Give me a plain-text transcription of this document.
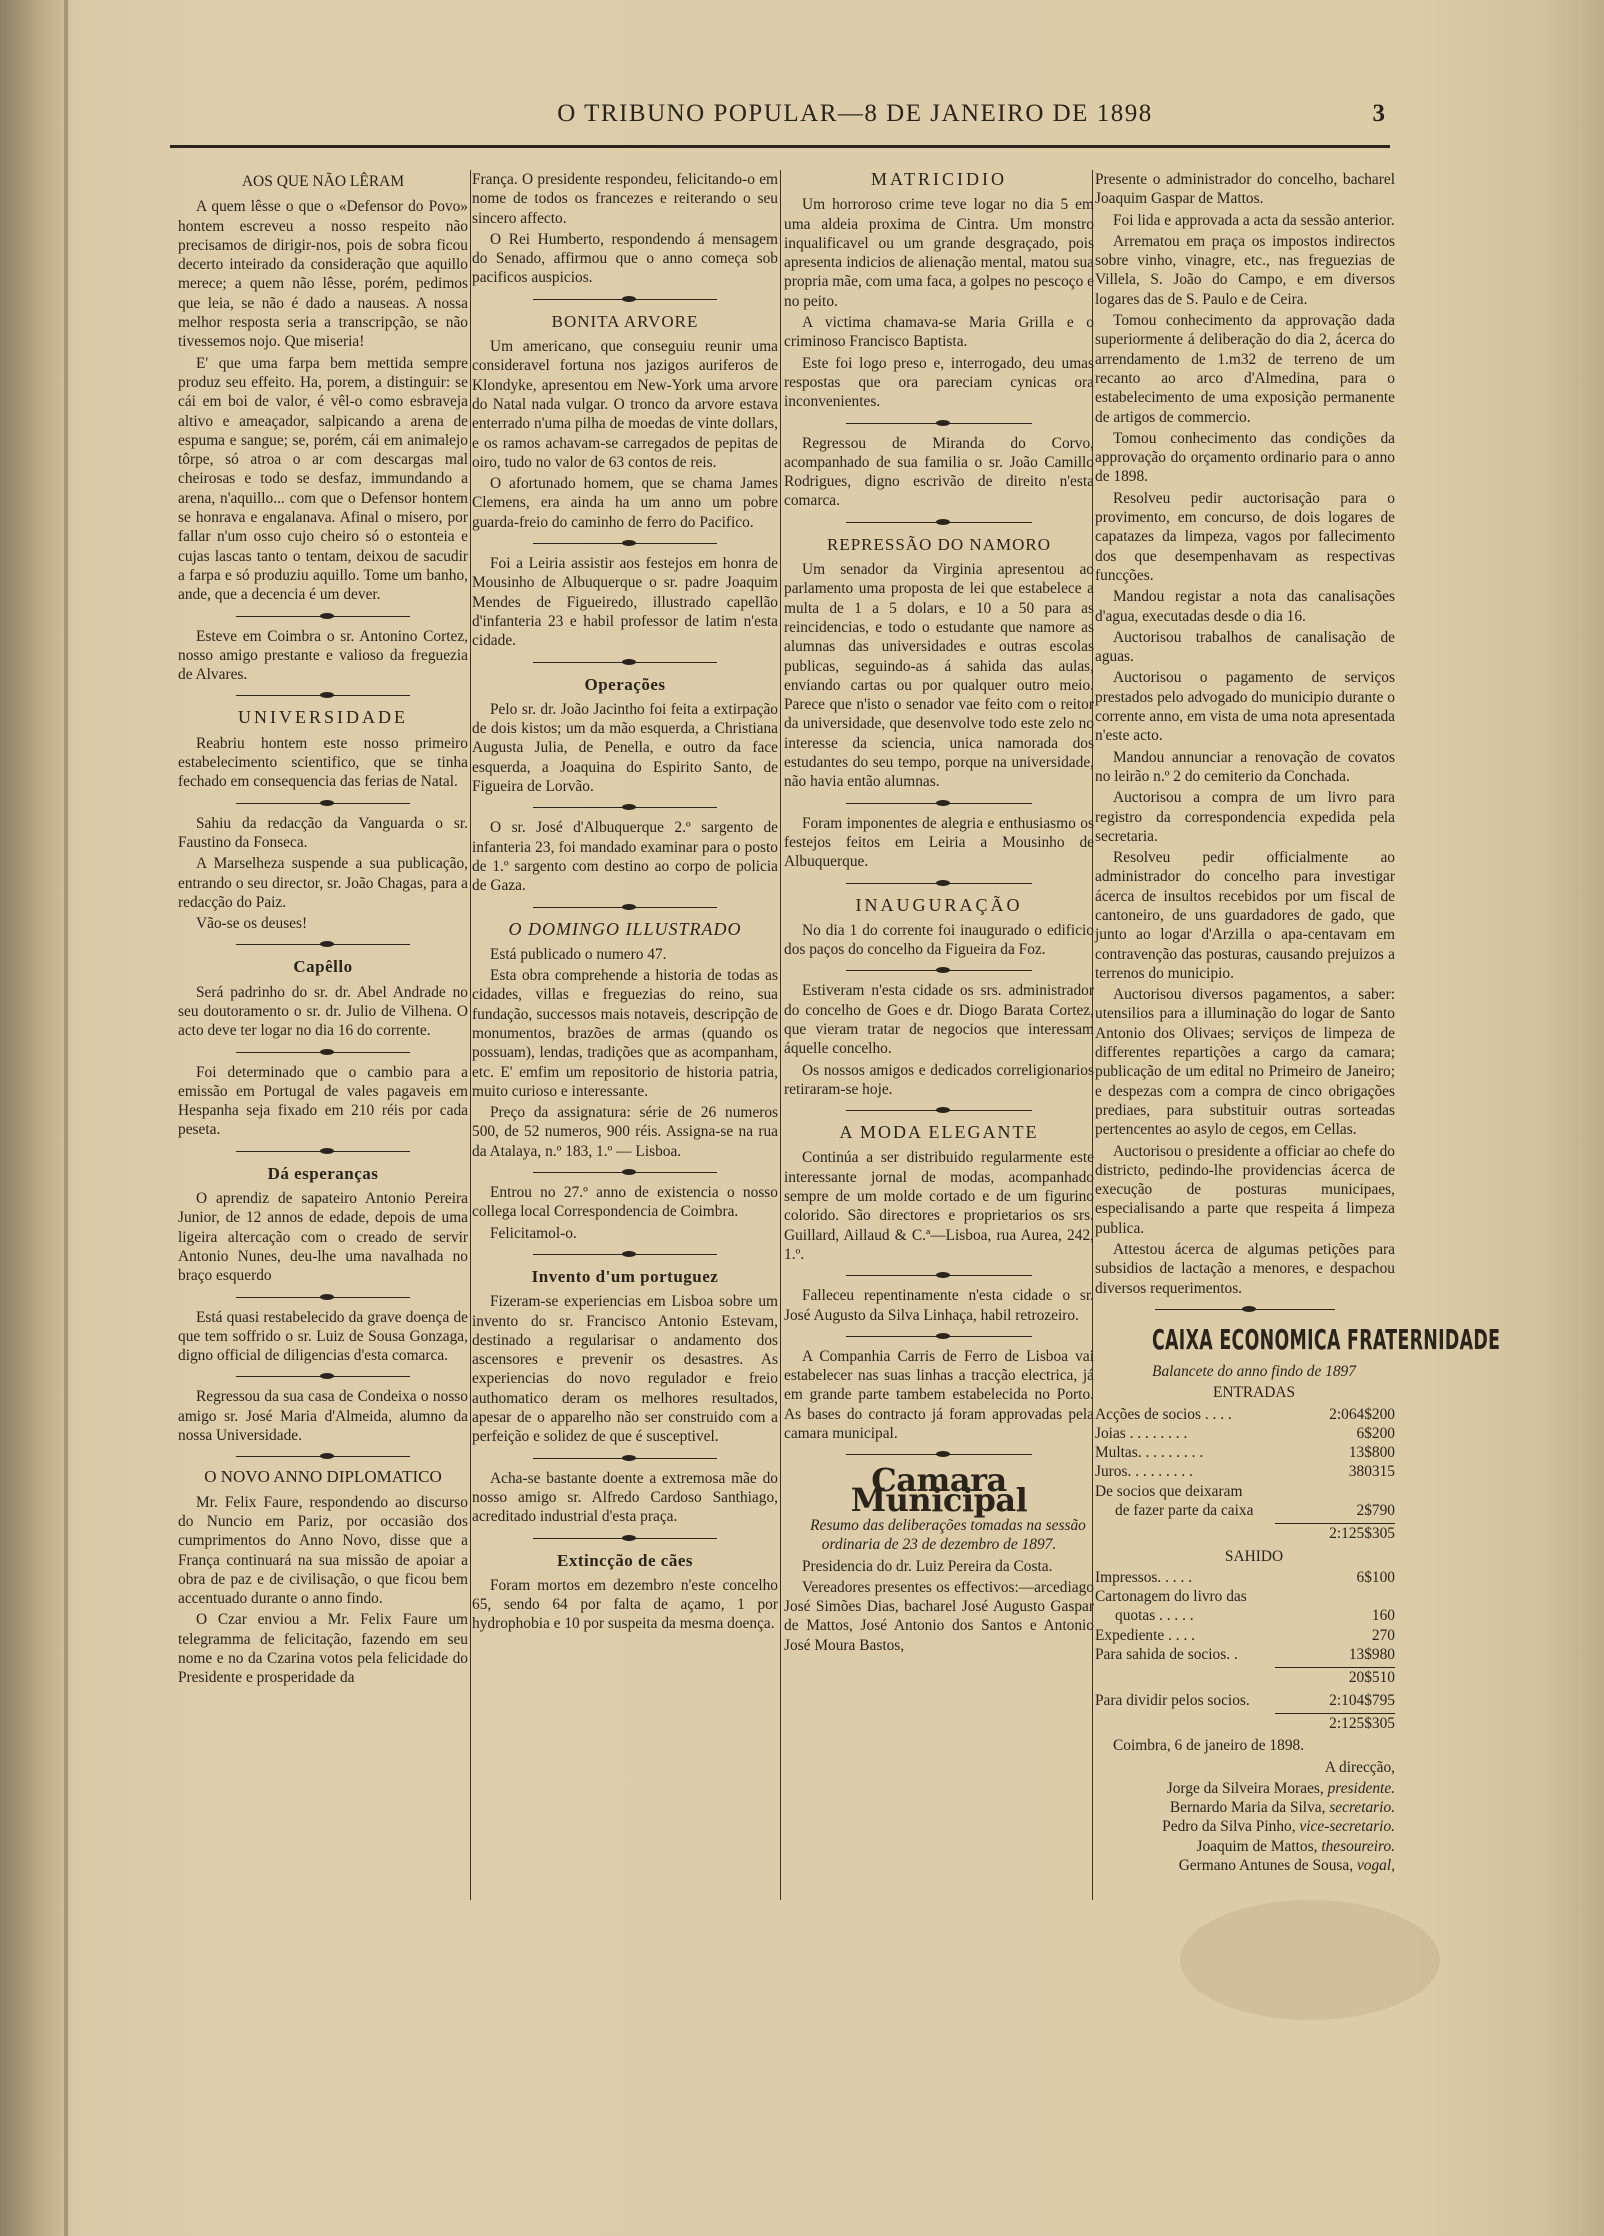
O TRIBUNO POPULAR—8 DE JANEIRO DE 1898	3
AOS QUE NÃO LÊRAM

A quem lêsse o que o «Defensor do Povo» hontem escreveu a nosso respeito não precisamos de dirigir-nos, pois de sobra ficou decerto inteirado da consideração que aquillo merece; a quem não lêsse, porém, pedimos que leia, se não é dado a nauseas. A nossa melhor resposta seria a transcripção, se não tivessemos nojo. Que miseria!

E' que uma farpa bem mettida sempre produz seu effeito. Ha, porem, a distinguir: se cái em boi de valor, é vêl-o como esbraveja altivo e ameaçador, salpicando a arena de espuma e sangue; se, porém, cái em animalejo tôrpe, só atroa o ar com descargas mal cheirosas e todo se desfaz, immundando a arena, n'aquillo... com que o Defensor hontem se honrava e engalanava. Afinal o misero, por fallar n'um osso cujo cheiro só o estonteia e cujas lascas tanto o tentam, deixou de sacudir a farpa e só produziu aquillo. Tome um banho, ande, que a decencia é um dever.

Esteve em Coimbra o sr. Antonino Cortez, nosso amigo prestante e valioso da freguezia de Alvares.

UNIVERSIDADE

Reabriu hontem este nosso primeiro estabelecimento scientifico, que se tinha fechado em consequencia das ferias de Natal.

Sahiu da redacção da Vanguarda o sr. Faustino da Fonseca.

A Marselheza suspende a sua publicação, entrando o seu director, sr. João Chagas, para a redacção do Paiz.

Vão-se os deuses!

Capêllo

Será padrinho do sr. dr. Abel Andrade no seu doutoramento o sr. dr. Julio de Vilhena. O acto deve ter logar no dia 16 do corrente.

Foi determinado que o cambio para a emissão em Portugal de vales pagaveis em Hespanha seja fixado em 210 réis por cada peseta.

Dá esperanças

O aprendiz de sapateiro Antonio Pereira Junior, de 12 annos de edade, depois de uma ligeira altercação com o creado de servir Antonio Nunes, deu-lhe uma navalhada no braço esquerdo

Está quasi restabelecido da grave doença de que tem soffrido o sr. Luiz de Sousa Gonzaga, digno official de diligencias d'esta comarca.

Regressou da sua casa de Condeixa o nosso amigo sr. José Maria d'Almeida, alumno da nossa Universidade.

O NOVO ANNO DIPLOMATICO

Mr. Felix Faure, respondendo ao discurso do Nuncio em Pariz, por occasião dos cumprimentos do Anno Novo, disse que a França continuará na sua missão de apoiar a obra de paz e de civilisação, o que ficou bem accentuado durante o anno findo.

O Czar enviou a Mr. Felix Faure um telegramma de felicitação, fazendo em seu nome e no da Czarina votos pela felicidade do Presidente e prosperidade da

França. O presidente respondeu, felicitando-o em nome de todos os francezes e reiterando o seu sincero affecto.

O Rei Humberto, respondendo á mensagem do Senado, affirmou que o anno começa sob pacificos auspicios.

BONITA ARVORE

Um americano, que conseguiu reunir uma consideravel fortuna nos jazigos auriferos de Klondyke, apresentou em New-York uma arvore do Natal nada vulgar. O tronco da arvore estava enterrado n'uma pilha de moedas de vinte dollars, e os ramos achavam-se carregados de pepitas de oiro, tudo no valor de 63 contos de reis.

O afortunado homem, que se chama James Clemens, era ainda ha um anno um pobre guarda-freio do caminho de ferro do Pacifico.

Foi a Leiria assistir aos festejos em honra de Mousinho de Albuquerque o sr. padre Joaquim Mendes de Figueiredo, illustrado capellão d'infanteria 23 e habil professor de latim n'esta cidade.

Operações

Pelo sr. dr. João Jacintho foi feita a extirpação de dois kistos; um da mão esquerda, a Christiana Augusta Julia, de Penella, e outro da face esquerda, a Joaquina do Espirito Santo, de Figueira de Lorvão.

O sr. José d'Albuquerque 2.º sargento de infanteria 23, foi mandado examinar para o posto de 1.º sargento com destino ao corpo de policia de Gaza.

O DOMINGO ILLUSTRADO

Está publicado o numero 47.

Esta obra comprehende a historia de todas as cidades, villas e freguezias do reino, sua fundação, successos mais notaveis, descripção de monumentos, brazões de armas (quando os possuam), lendas, tradições que as acompanham, etc. E' emfim um repositorio de historia patria, muito curioso e interessante.

Preço da assignatura: série de 26 numeros 500, de 52 numeros, 900 réis. Assigna-se na rua da Atalaya, n.º 183, 1.º — Lisboa.

Entrou no 27.º anno de existencia o nosso collega local Correspondencia de Coimbra.

Felicitamol-o.

Invento d'um portuguez

Fizeram-se experiencias em Lisboa sobre um invento do sr. Francisco Antonio Estevam, destinado a regularisar o andamento dos ascensores e prevenir os desastres. As experiencias do novo regulador e freio authomatico deram os melhores resultados, apesar de o apparelho não ser construido com a perfeição e solidez de que é susceptivel.

Acha-se bastante doente a extremosa mãe do nosso amigo sr. Alfredo Cardoso Santhiago, acreditado industrial d'esta praça.

Extincção de cães

Foram mortos em dezembro n'este concelho 65, sendo 64 por falta de açamo, 1 por hydrophobia e 10 por suspeita da mesma doença.

MATRICIDIO

Um horroroso crime teve logar no dia 5 em uma aldeia proxima de Cintra. Um monstro inqualificavel ou um grande desgraçado, pois apresenta indicios de alienação mental, matou sua propria mãe, com uma faca, a golpes no pescoço e no peito.

A victima chamava-se Maria Grilla e o criminoso Francisco Baptista.

Este foi logo preso e, interrogado, deu umas respostas que ora pareciam cynicas ora inconvenientes.

Regressou de Miranda do Corvo, acompanhado de sua familia o sr. João Camillo Rodrigues, digno escrivão de direito n'esta comarca.

REPRESSÃO DO NAMORO

Um senador da Virginia apresentou ao parlamento uma proposta de lei que estabelece a multa de 1 a 5 dolars, e 10 a 50 para as reincidencias, e todo o estudante que namore as alumnas das universidades e outras escolas publicas, seguindo-as á sahida das aulas, enviando cartas ou por qualquer outro meio. Parece que n'isto o senador vae feito com o reitor da universidade, que desenvolve todo este zelo no interesse da sciencia, unica namorada dos estudantes do seu tempo, porque na universidade, não havia então alumnas.

Foram imponentes de alegria e enthusiasmo os festejos feitos em Leiria a Mousinho de Albuquerque.

INAUGURAÇÃO

No dia 1 do corrente foi inaugurado o edificio dos paços do concelho da Figueira da Foz.

Estiveram n'esta cidade os srs. administrador do concelho de Goes e dr. Diogo Barata Cortez, que vieram tratar de negocios que interessam áquelle concelho.

Os nossos amigos e dedicados correligionarios retiraram-se hoje.

A MODA ELEGANTE

Continúa a ser distribuido regularmente este interessante jornal de modas, acompanhado sempre de um molde cortado e de um figurino colorido. São directores e proprietarios os srs. Guillard, Aillaud & C.ª—Lisboa, rua Aurea, 242, 1.º.

Falleceu repentinamente n'esta cidade o sr. José Augusto da Silva Linhaça, habil retrozeiro.

A Companhia Carris de Ferro de Lisboa vai estabelecer nas suas linhas a tracção electrica, já em grande parte tambem estabelecida no Porto. As bases do contracto já foram approvadas pela camara municipal.

Camara Municipal

Resumo das deliberações tomadas na sessão ordinaria de 23 de dezembro de 1897.

Presidencia do dr. Luiz Pereira da Costa.

Vereadores presentes os effectivos:—arcediago José Simões Dias, bacharel José Augusto Gaspar de Mattos, José Antonio dos Santos e Antonio José Moura Bastos,

Presente o administrador do concelho, bacharel Joaquim Gaspar de Mattos.

Foi lida e approvada a acta da sessão anterior.

Arrematou em praça os impostos indirectos sobre vinho, vinagre, etc., nas freguezias de Villela, S. João do Campo, e em diversos logares das de S. Paulo e de Ceira.

Tomou conhecimento da approvação dada superiormente á deliberação do dia 2, ácerca do arrendamento de 1.m32 de terreno de um recanto ao arco d'Almedina, para o estabelecimento de uma exposição permanente de artigos de commercio.

Tomou conhecimento das condições da approvação do orçamento ordinario para o anno de 1898.

Resolveu pedir auctorisação para o provimento, em concurso, de dois logares de capatazes da limpeza, vagos por fallecimento dos que desempenhavam as respectivas funcções.

Mandou registar a nota das canalisações d'agua, executadas desde o dia 16.

Auctorisou trabalhos de canalisação de aguas.

Auctorisou o pagamento de serviços prestados pelo advogado do municipio durante o corrente anno, em vista de uma nota apresentada n'este acto.

Mandou annunciar a renovação de covatos no leirão n.º 2 do cemiterio da Conchada.

Auctorisou a compra de um livro para registro da correspondencia expedida pela secretaria.

Resolveu pedir officialmente ao administrador do concelho para investigar ácerca de insultos recebidos por um fiscal de cantoneiro, de uns guardadores de gado, que junto ao logar d'Arzilla o apa-centavam em contravenção das posturas, causando prejuizos a terrenos do municipio.

Auctorisou diversos pagamentos, a saber: utensilios para a illuminação do logar de Santo Antonio dos Olivaes; serviços de limpeza de differentes repartições a cargo da camara; publicação de um edital no Primeiro de Janeiro; e despezas com a compra de cinco obrigações prediaes, para substituir outras sorteadas pertencentes ao asylo de cegos, em Cellas.

Auctorisou o presidente a officiar ao chefe do districto, pedindo-lhe providencias ácerca de execução de posturas municipaes, especialisando a parte que respeita á limpeza publica.

Attestou ácerca de algumas petições para subsidios de lactação a menores, e despachou diversos requerimentos.

CAIXA ECONOMICA FRATERNIDADE

Balancete do anno findo de 1897

ENTRADAS

Acções de socios . . . .	2:064$200
Joias . . . . . . . .	6$200
Multas. . . . . . . . .	13$800
Juros. . . . . . . . .	380315
De socios que deixaram
de fazer parte da caixa	2$790
2:125$305

SAHIDO

Impressos. . . . .	6$100
Cartonagem do livro das
quotas . . . . .	160
Expediente . . . .	270
Para sahida de socios. .	13$980
20$510
Para dividir pelos socios.	2:104$795
2:125$305

Coimbra, 6 de janeiro de 1898.

A direcção,

Jorge da Silveira Moraes, presidente.
Bernardo Maria da Silva, secretario.
Pedro da Silva Pinho, vice-secretario.
Joaquim de Mattos, thesoureiro.
Germano Antunes de Sousa, vogal,
